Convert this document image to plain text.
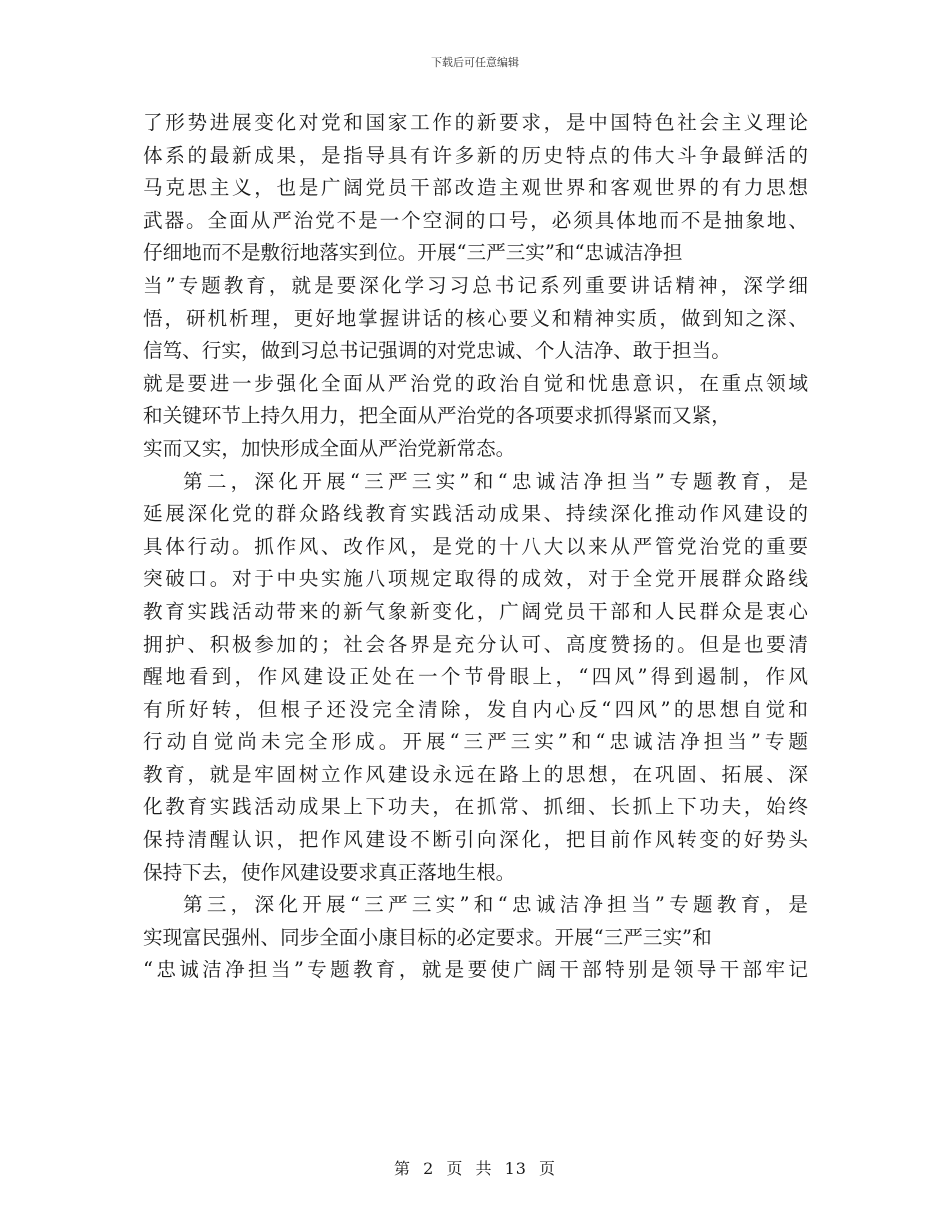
下载后可任意编辑
了形势进展变化对党和国家工作的新要求，是中国特色社会主义理论
体系的最新成果，是指导具有许多新的历史特点的伟大斗争最鲜活的
马克思主义，也是广阔党员干部改造主观世界和客观世界的有力思想
武器。全面从严治党不是一个空洞的口号，必须具体地而不是抽象地、
仔细地而不是敷衍地落实到位。开展“三严三实”和“忠诚洁净担
当”专题教育，就是要深化学习习总书记系列重要讲话精神，深学细
悟，研机析理，更好地掌握讲话的核心要义和精神实质，做到知之深、
信笃、行实，做到习总书记强调的对党忠诚、个人洁净、敢于担当。
就是要进一步强化全面从严治党的政治自觉和忧患意识，在重点领域
和关键环节上持久用力，把全面从严治党的各项要求抓得紧而又紧，
实而又实，加快形成全面从严治党新常态。
第二，深化开展“三严三实”和“忠诚洁净担当”专题教育，是
延展深化党的群众路线教育实践活动成果、持续深化推动作风建设的
具体行动。抓作风、改作风，是党的十八大以来从严管党治党的重要
突破口。对于中央实施八项规定取得的成效，对于全党开展群众路线
教育实践活动带来的新气象新变化，广阔党员干部和人民群众是衷心
拥护、积极参加的；社会各界是充分认可、高度赞扬的。但是也要清
醒地看到，作风建设正处在一个节骨眼上，“四风”得到遏制，作风
有所好转，但根子还没完全清除，发自内心反“四风”的思想自觉和
行动自觉尚未完全形成。开展“三严三实”和“忠诚洁净担当”专题
教育，就是牢固树立作风建设永远在路上的思想，在巩固、拓展、深
化教育实践活动成果上下功夫，在抓常、抓细、长抓上下功夫，始终
保持清醒认识，把作风建设不断引向深化，把目前作风转变的好势头
保持下去，使作风建设要求真正落地生根。
第三，深化开展“三严三实”和“忠诚洁净担当”专题教育，是
实现富民强州、同步全面小康目标的必定要求。开展“三严三实”和
“忠诚洁净担当”专题教育，就是要使广阔干部特别是领导干部牢记
第 2 页 共 13 页
